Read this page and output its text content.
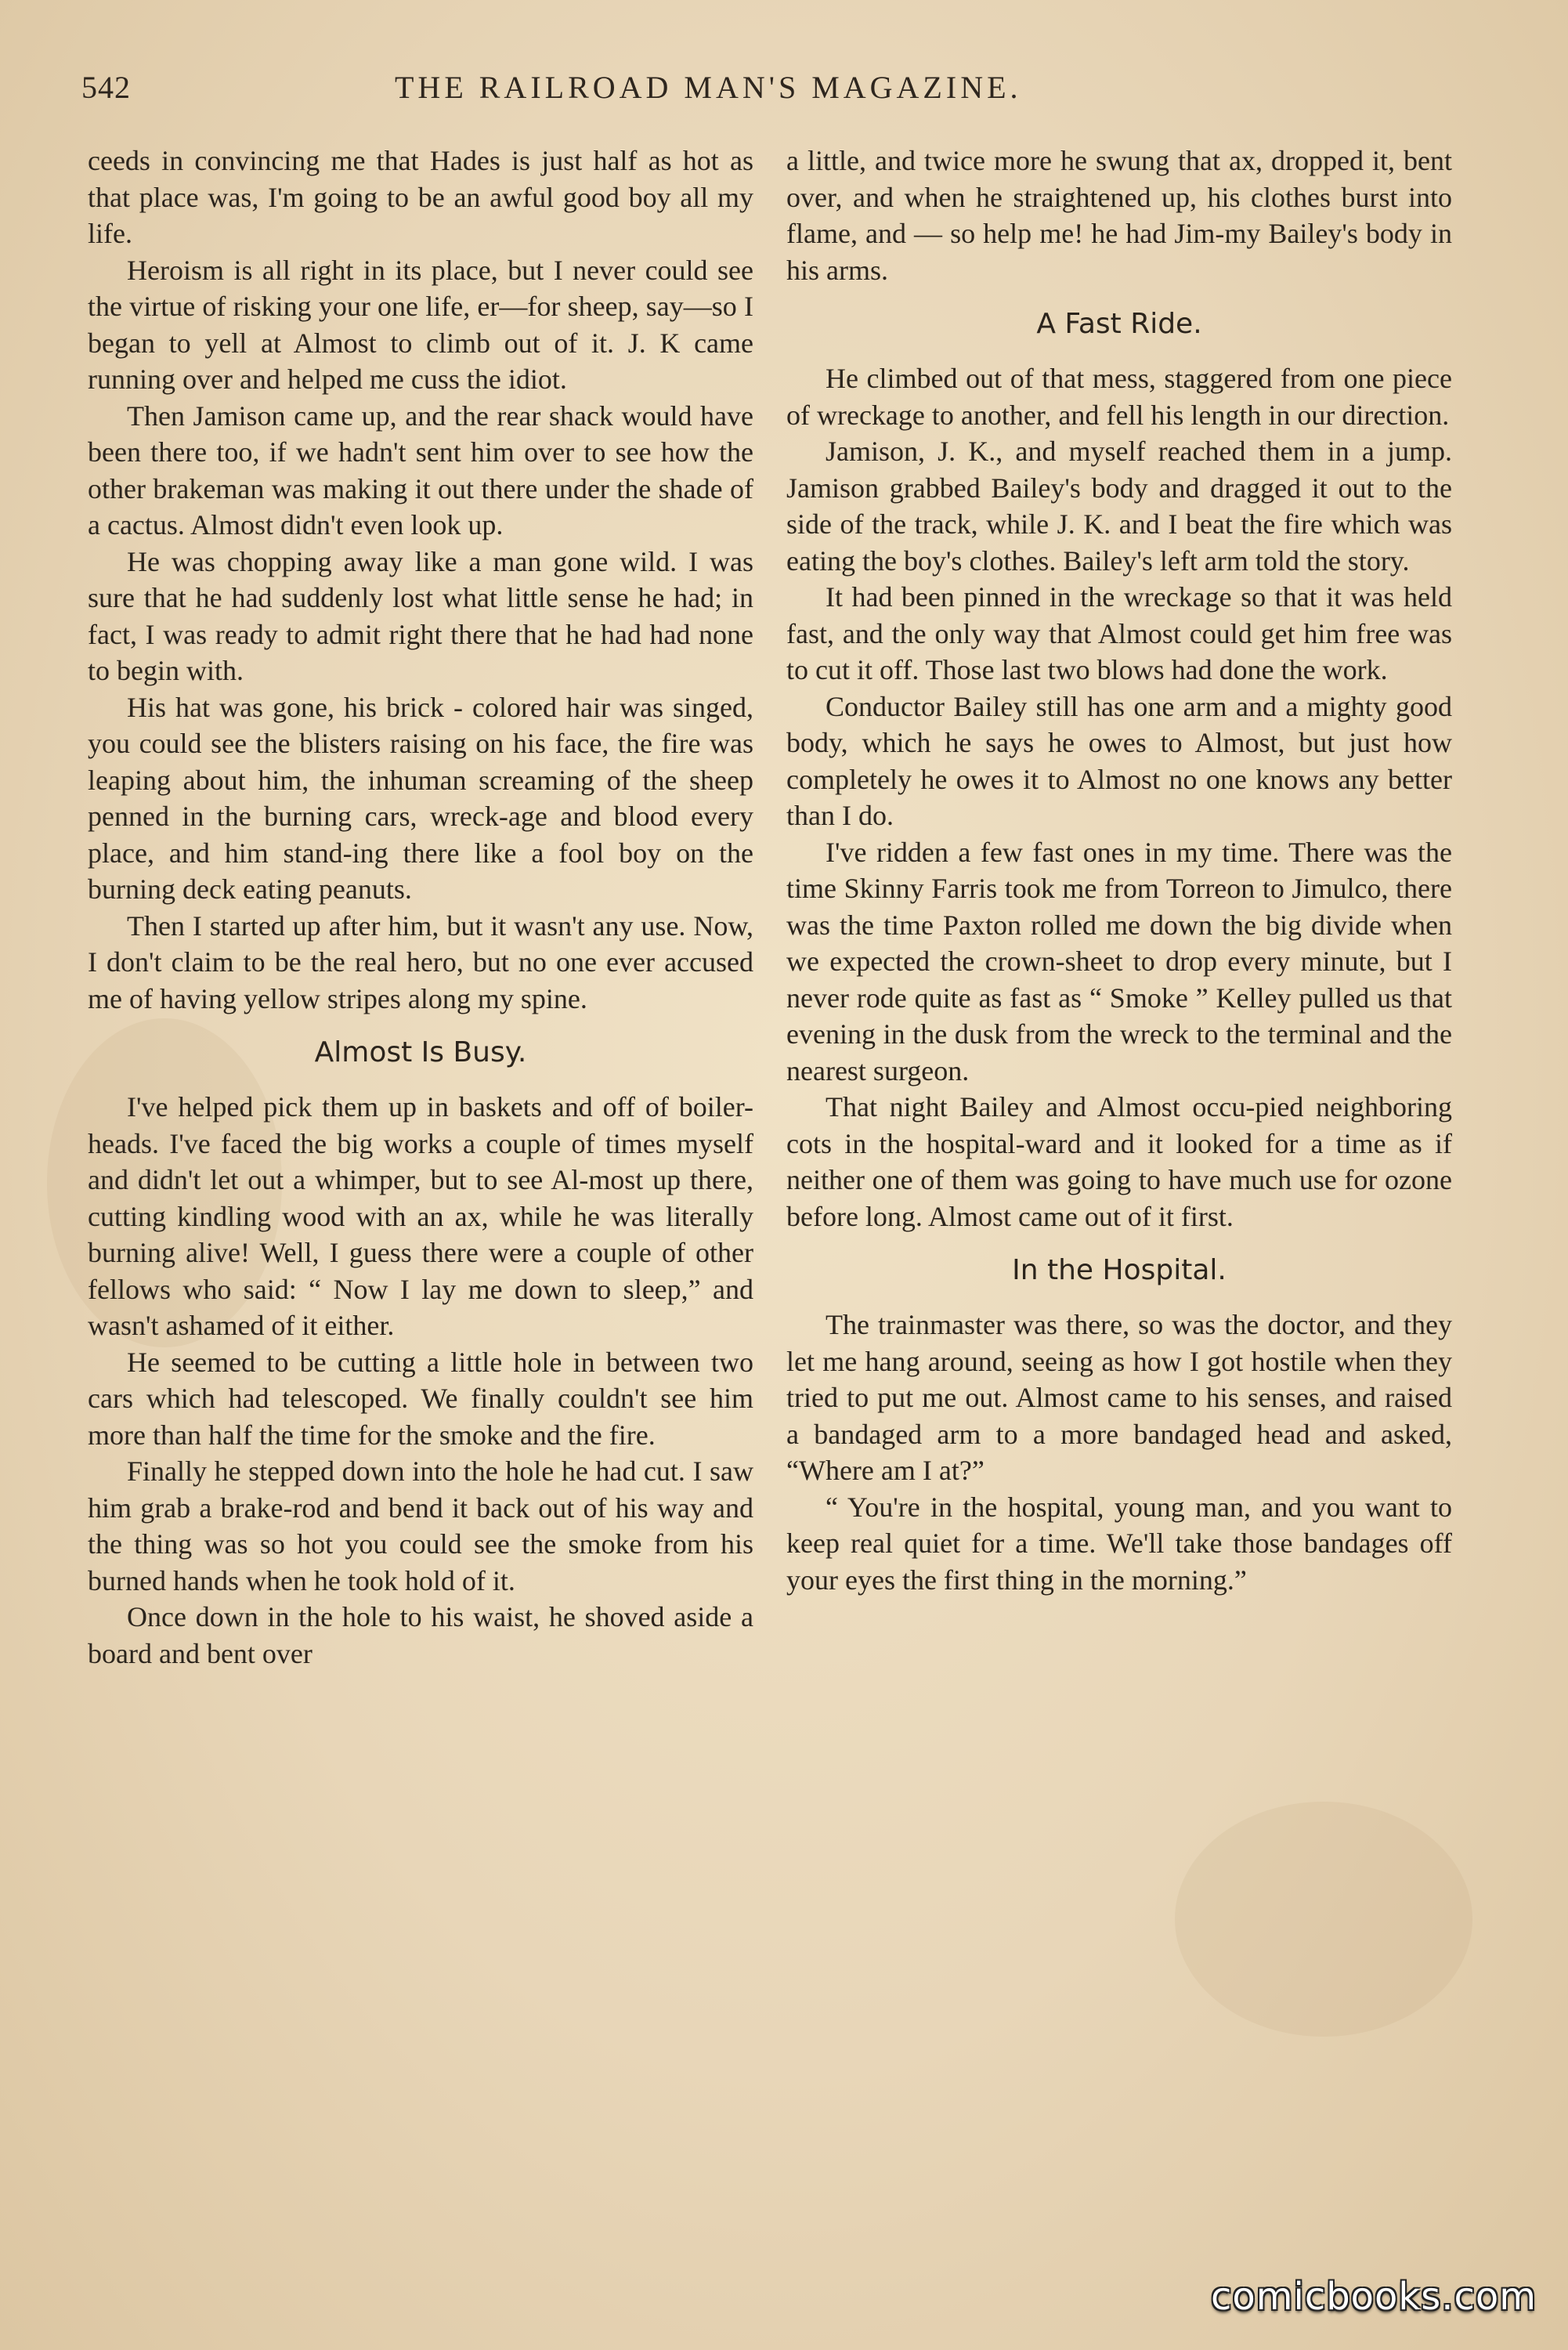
542	THE RAILROAD MAN'S MAGAZINE.

ceeds in convincing me that Hades is just half as hot as that place was, I'm going to be an awful good boy all my life.

Heroism is all right in its place, but I never could see the virtue of risking your one life, er—for sheep, say—so I began to yell at Almost to climb out of it. J. K came running over and helped me cuss the idiot.

Then Jamison came up, and the rear shack would have been there too, if we hadn't sent him over to see how the other brakeman was making it out there under the shade of a cactus. Almost didn't even look up.

He was chopping away like a man gone wild. I was sure that he had suddenly lost what little sense he had; in fact, I was ready to admit right there that he had had none to begin with.

His hat was gone, his brick - colored hair was singed, you could see the blisters raising on his face, the fire was leaping about him, the inhuman screaming of the sheep penned in the burning cars, wreck-age and blood every place, and him stand-ing there like a fool boy on the burning deck eating peanuts.

Then I started up after him, but it wasn't any use. Now, I don't claim to be the real hero, but no one ever accused me of having yellow stripes along my spine.

Almost Is Busy.

I've helped pick them up in baskets and off of boiler-heads. I've faced the big works a couple of times myself and didn't let out a whimper, but to see Al-most up there, cutting kindling wood with an ax, while he was literally burning alive! Well, I guess there were a couple of other fellows who said: “ Now I lay me down to sleep,” and wasn't ashamed of it either.

He seemed to be cutting a little hole in between two cars which had telescoped. We finally couldn't see him more than half the time for the smoke and the fire.

Finally he stepped down into the hole he had cut. I saw him grab a brake-rod and bend it back out of his way and the thing was so hot you could see the smoke from his burned hands when he took hold of it.

Once down in the hole to his waist, he shoved aside a board and bent over

a little, and twice more he swung that ax, dropped it, bent over, and when he straightened up, his clothes burst into flame, and — so help me! he had Jim-my Bailey's body in his arms.

A Fast Ride.

He climbed out of that mess, staggered from one piece of wreckage to another, and fell his length in our direction.

Jamison, J. K., and myself reached them in a jump. Jamison grabbed Bailey's body and dragged it out to the side of the track, while J. K. and I beat the fire which was eating the boy's clothes. Bailey's left arm told the story.

It had been pinned in the wreckage so that it was held fast, and the only way that Almost could get him free was to cut it off. Those last two blows had done the work.

Conductor Bailey still has one arm and a mighty good body, which he says he owes to Almost, but just how completely he owes it to Almost no one knows any better than I do.

I've ridden a few fast ones in my time. There was the time Skinny Farris took me from Torreon to Jimulco, there was the time Paxton rolled me down the big divide when we expected the crown-sheet to drop every minute, but I never rode quite as fast as “ Smoke ” Kelley pulled us that evening in the dusk from the wreck to the terminal and the nearest surgeon.

That night Bailey and Almost occu-pied neighboring cots in the hospital-ward and it looked for a time as if neither one of them was going to have much use for ozone before long. Almost came out of it first.

In the Hospital.

The trainmaster was there, so was the doctor, and they let me hang around, seeing as how I got hostile when they tried to put me out. Almost came to his senses, and raised a bandaged arm to a more bandaged head and asked, “Where am I at?”

“ You're in the hospital, young man, and you want to keep real quiet for a time. We'll take those bandages off your eyes the first thing in the morning.”

comicbooks.com
